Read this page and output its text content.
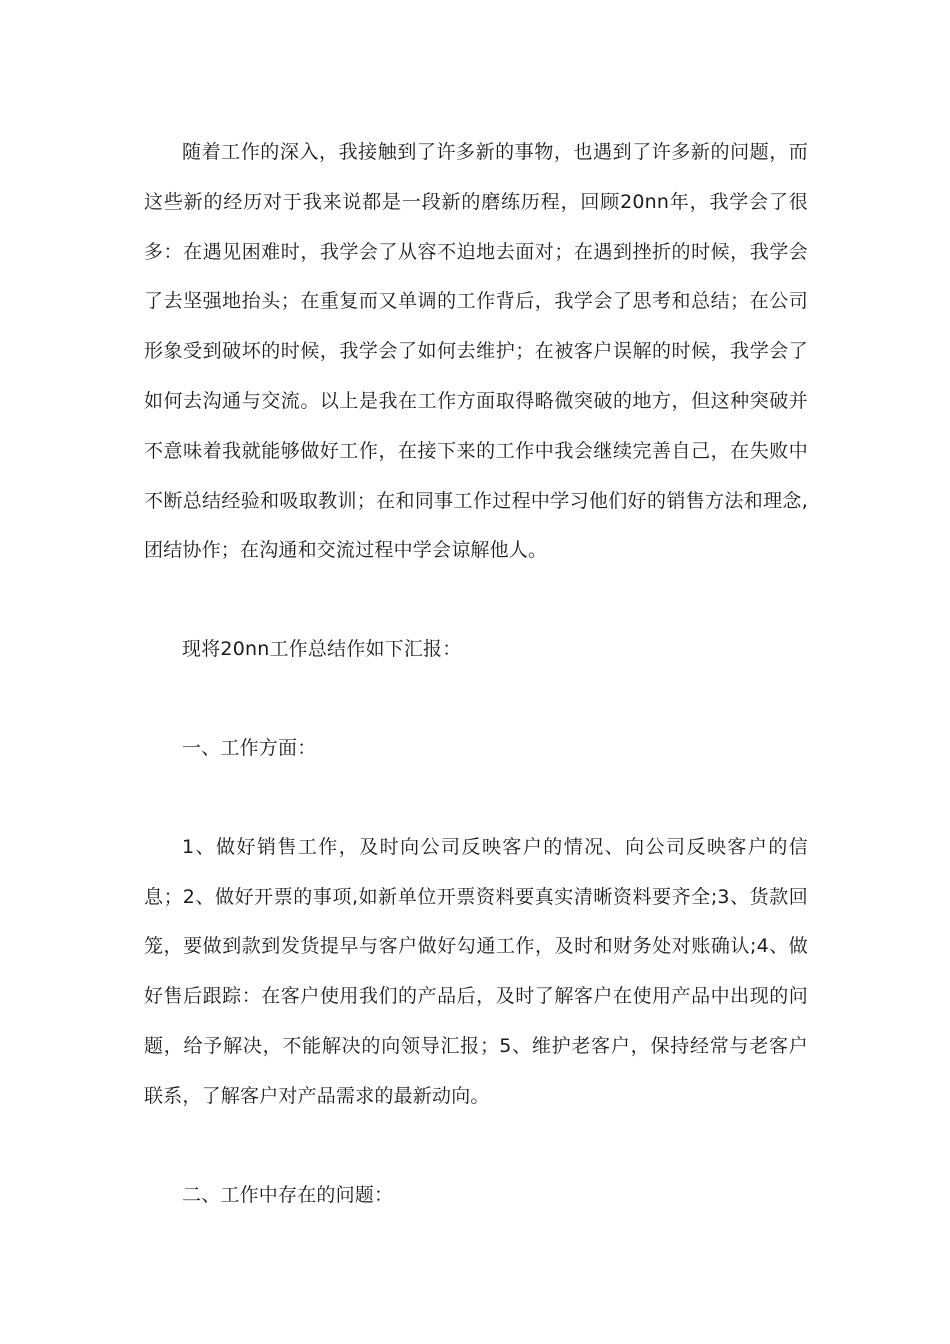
随着工作的深入，我接触到了许多新的事物，也遇到了许多新的问题，而这些新的经历对于我来说都是一段新的磨练历程，回顾20nn年，我学会了很多：在遇见困难时，我学会了从容不迫地去面对；在遇到挫折的时候，我学会了去坚强地抬头；在重复而又单调的工作背后，我学会了思考和总结；在公司形象受到破坏的时候，我学会了如何去维护；在被客户误解的时候，我学会了如何去沟通与交流。以上是我在工作方面取得略微突破的地方，但这种突破并不意味着我就能够做好工作，在接下来的工作中我会继续完善自己，在失败中不断总结经验和吸取教训；在和同事工作过程中学习他们好的销售方法和理念,团结协作；在沟通和交流过程中学会谅解他人。

现将20nn工作总结作如下汇报：

一、工作方面：

1、做好销售工作，及时向公司反映客户的情况、向公司反映客户的信息；2、做好开票的事项,如新单位开票资料要真实清晰资料要齐全;3、货款回笼，要做到款到发货提早与客户做好勾通工作，及时和财务处对账确认;4、做好售后跟踪：在客户使用我们的产品后，及时了解客户在使用产品中出现的问题，给予解决，不能解决的向领导汇报；5、维护老客户，保持经常与老客户联系，了解客户对产品需求的最新动向。

二、工作中存在的问题：
